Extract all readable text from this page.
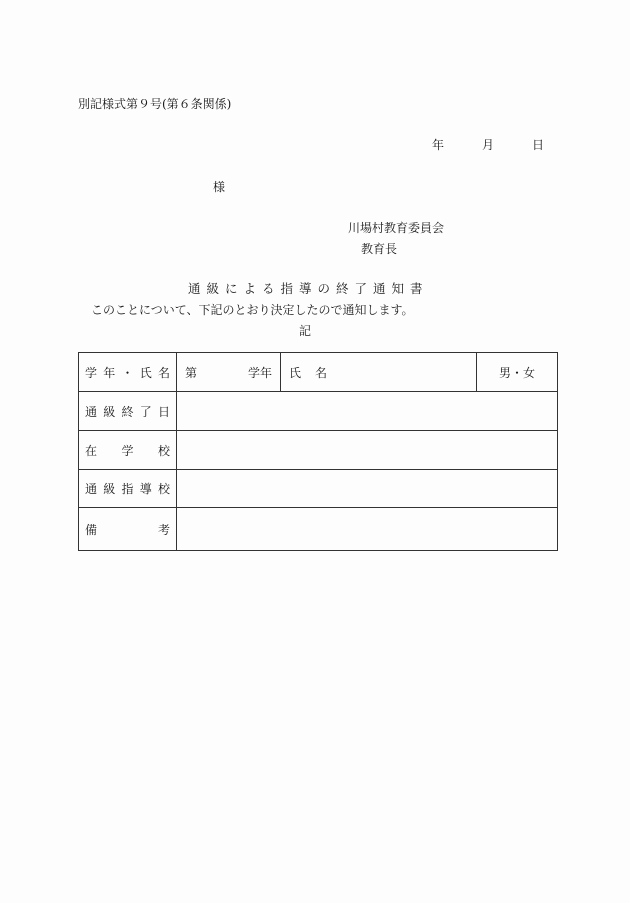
別記様式第９号(第６条関係)
年	月	日
様
川場村教育委員会
教育長
通級による指導の終了通知書
このことについて、下記のとおり決定したので通知します。
記
学 年 ・ 氏 名	第 学年	氏 名	男・女

通 級 終 了 日			

在 学 校			

通 級 指 導 校			

備 考			
